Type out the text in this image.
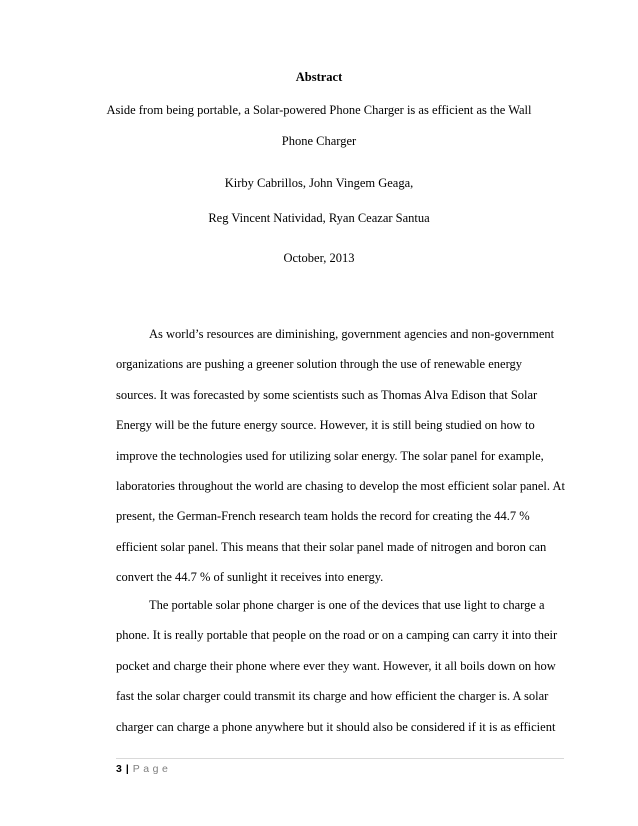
Abstract
Aside from being portable, a Solar-powered Phone Charger is as efficient as the Wall
Phone Charger
Kirby Cabrillos, John Vingem Geaga,
Reg Vincent Natividad, Ryan Ceazar Santua
October, 2013
As world’s resources are diminishing, government agencies and non-government
organizations are pushing a greener solution through the use of renewable energy
sources. It was forecasted by some scientists such as Thomas Alva Edison that Solar
Energy will be the future energy source. However, it is still being studied on how to
improve the technologies used for utilizing solar energy. The solar panel for example,
laboratories throughout the world are chasing to develop the most efficient solar panel. At
present, the German-French research team holds the record for creating the 44.7 %
efficient solar panel. This means that their solar panel made of nitrogen and boron can
convert the 44.7 % of sunlight it receives into energy.
The portable solar phone charger is one of the devices that use light to charge a
phone. It is really portable that people on the road or on a camping can carry it into their
pocket and charge their phone where ever they want. However, it all boils down on how
fast the solar charger could transmit its charge and how efficient the charger is. A solar
charger can charge a phone anywhere but it should also be considered if it is as efficient
3 | Page
